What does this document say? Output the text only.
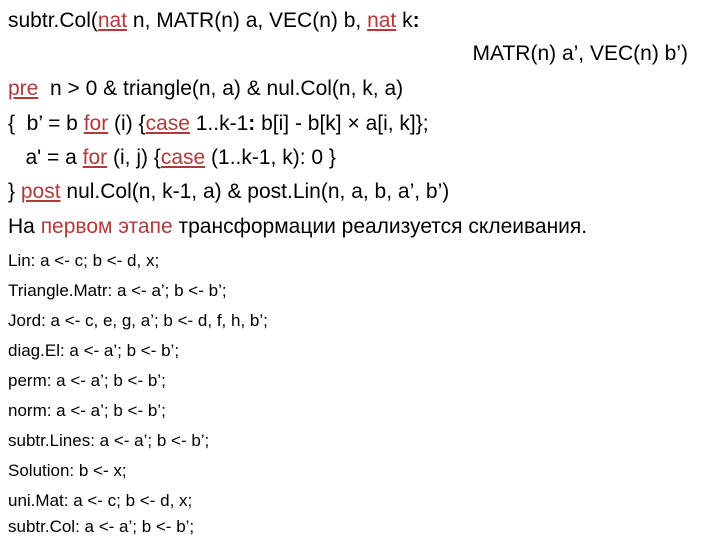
subtr.Col(nat n, MATR(n) a, VEC(n) b, nat k:
MATR(n) a’, VEC(n) b’)
pre  n > 0 & triangle(n, a) & nul.Col(n, k, a)
{  b’ = b for (i) {case 1..k-1: b[i] - b[k] × a[i, k]};
a' = a for (i, j) {case (1..k-1, k): 0 }
} post nul.Col(n, k-1, a) & post.Lin(n, a, b, a’, b’)
На первом этапе трансформации реализуется склеивания.
Lin: a <- c; b <- d, x;
Triangle.Matr: a <- a’; b <- b’;
Jord: a <- c, e, g, a’; b <- d, f, h, b’;
diag.El: a <- a’; b <- b’;
perm: a <- a’; b <- b’;
norm: a <- a’; b <- b’;
subtr.Lines: a <- a’; b <- b’;
Solution: b <- x;
uni.Mat: a <- c; b <- d, x;
subtr.Col: a <- a’; b <- b’;
